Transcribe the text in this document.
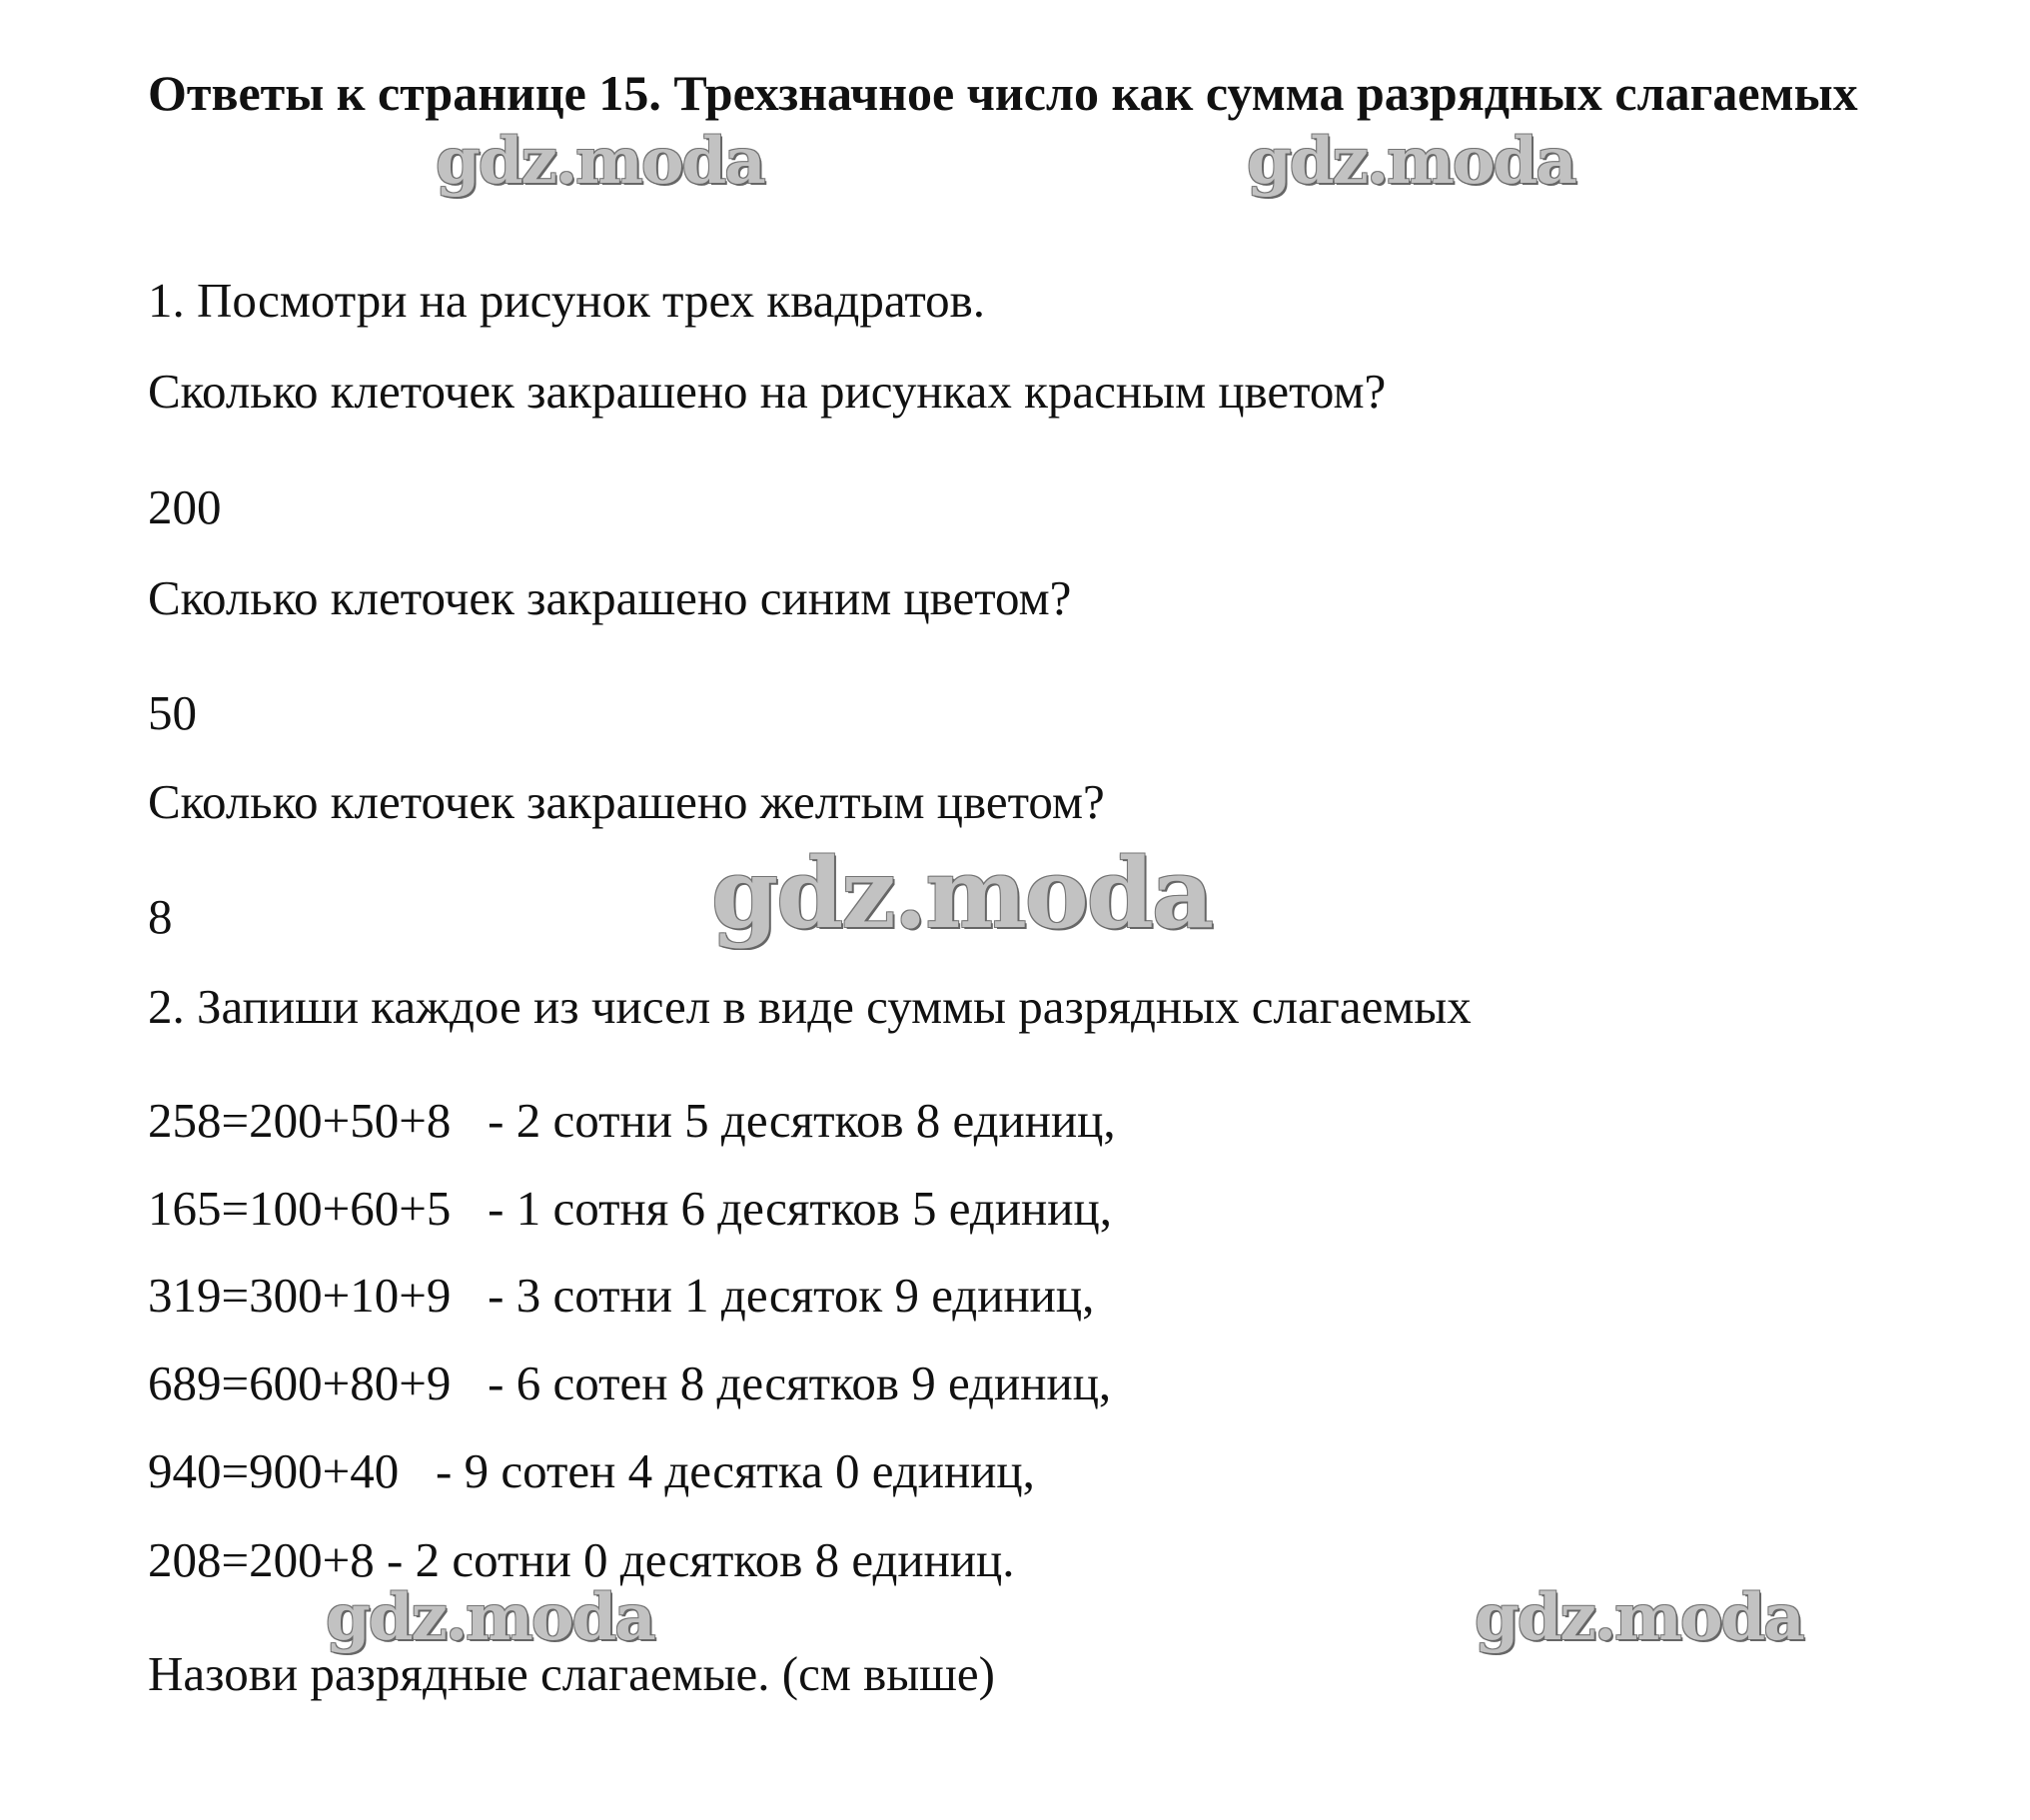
Ответы к странице 15. Трехзначное число как сумма разрядных слагаемых

1. Посмотри на рисунок трех квадратов.

Сколько клеточек закрашено на рисунках красным цветом?

200

Сколько клеточек закрашено синим цветом?

50

Сколько клеточек закрашено желтым цветом?

8

2. Запиши каждое из чисел в виде суммы разрядных слагаемых

258=200+50+8   - 2 сотни 5 десятков 8 единиц,

165=100+60+5   - 1 сотня 6 десятков 5 единиц,

319=300+10+9   - 3 сотни 1 десяток 9 единиц,

689=600+80+9   - 6 сотен 8 десятков 9 единиц,

940=900+40   - 9 сотен 4 десятка 0 единиц,

208=200+8 - 2 сотни 0 десятков 8 единиц.

Назови разрядные слагаемые. (см выше)

gdz.moda	gdz.moda
gdz.moda
gdz.moda	gdz.moda
